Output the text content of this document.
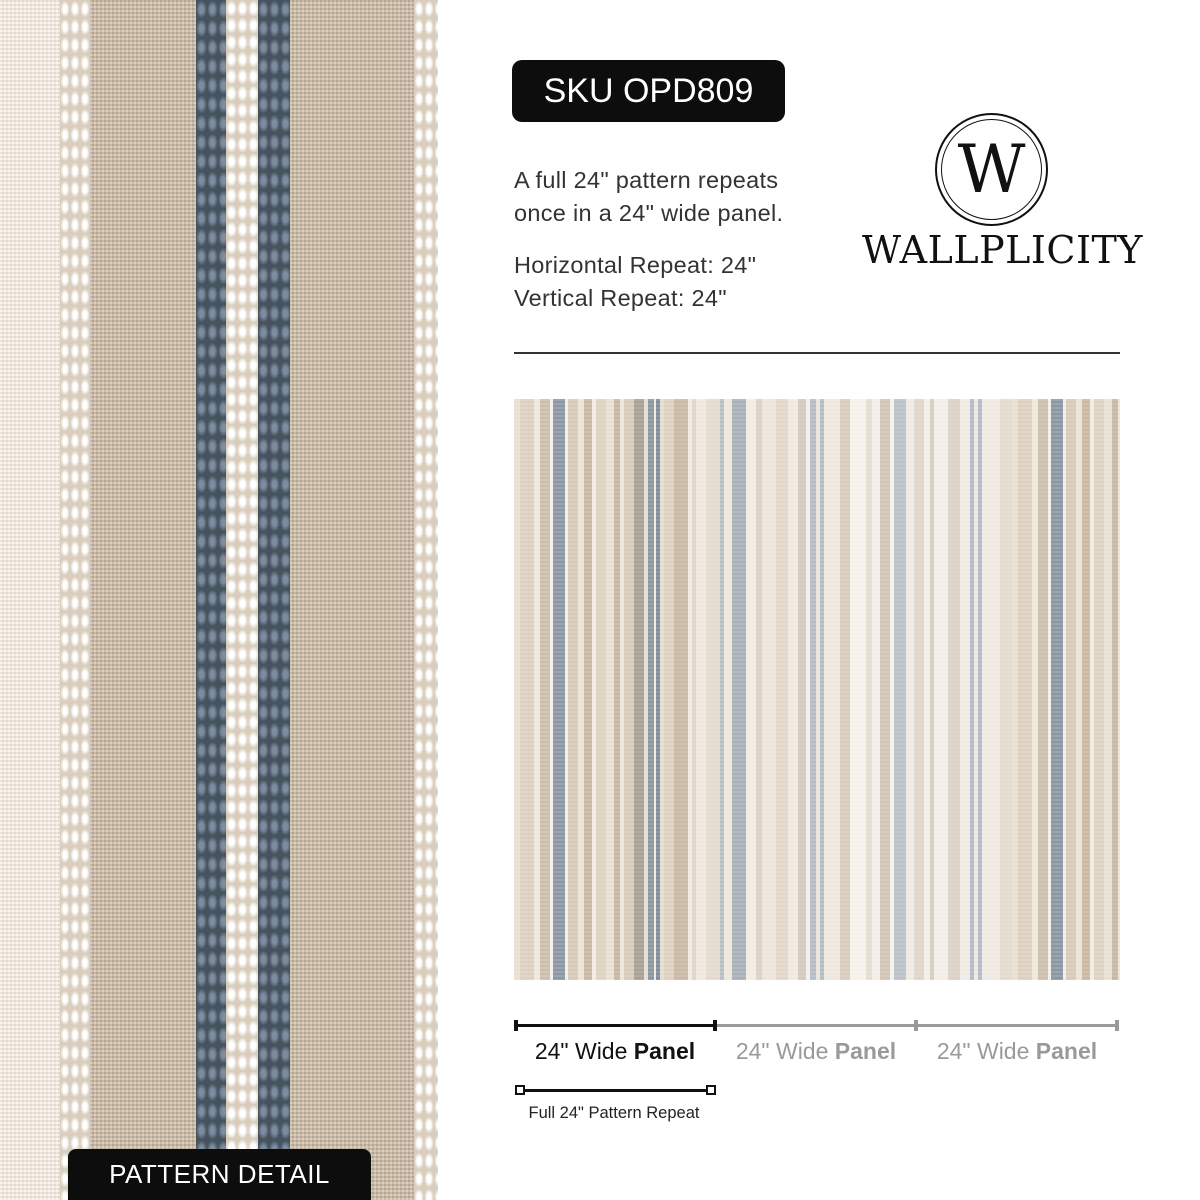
PATTERN DETAIL
SKU OPD809
A full 24" pattern repeats
once in a 24" wide panel.
Horizontal Repeat: 24"
Vertical Repeat: 24"
W
WALLPLICITY
24" Wide Panel	24" Wide Panel	24" Wide Panel
Full 24" Pattern Repeat
